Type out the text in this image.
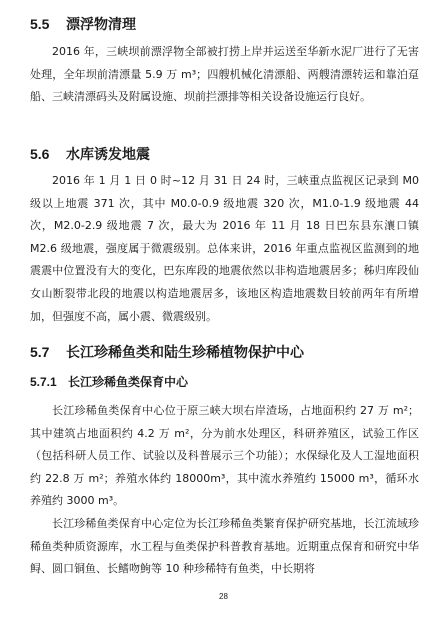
5.5 漂浮物清理

2016 年，三峡坝前漂浮物全部被打捞上岸并运送至华新水泥厂进行了无害处理，全年坝前清漂量 5.9 万 m³；四艘机械化清漂船、两艘清漂转运和靠泊趸船、三峡清漂码头及附属设施、坝前拦漂排等相关设备设施运行良好。

5.6 水库诱发地震

2016 年 1 月 1 日 0 时~12 月 31 日 24 时，三峡重点监视区记录到 M0 级以上地震 371 次，其中 M0.0-0.9 级地震 320 次，M1.0-1.9 级地震 44 次，M2.0-2.9 级地震 7 次，最大为 2016 年 11 月 18 日巴东县东瀼口镇 M2.6 级地震，强度属于微震级别。总体来讲，2016 年重点监视区监测到的地震震中位置没有大的变化，巴东库段的地震依然以非构造地震居多；秭归库段仙女山断裂带北段的地震以构造地震居多，该地区构造地震数目较前两年有所增加，但强度不高，属小震、微震级别。

5.7 长江珍稀鱼类和陆生珍稀植物保护中心
5.7.1 长江珍稀鱼类保育中心

长江珍稀鱼类保育中心位于原三峡大坝右岸渣场，占地面积约 27 万 m²；其中建筑占地面积约 4.2 万 m²，分为前水处理区，科研养殖区，试验工作区（包括科研人员工作、试验以及科普展示三个功能）；水保绿化及人工湿地面积约 22.8 万 m²；养殖水体约 18000m³，其中流水养殖约 15000 m³，循环水养殖约 3000 m³。

长江珍稀鱼类保育中心定位为长江珍稀鱼类繁育保护研究基地，长江流域珍稀鱼类种质资源库，水工程与鱼类保护科普教育基地。近期重点保育和研究中华鲟、圆口铜鱼、长鳍吻鮈等 10 种珍稀特有鱼类，中长期将

28
